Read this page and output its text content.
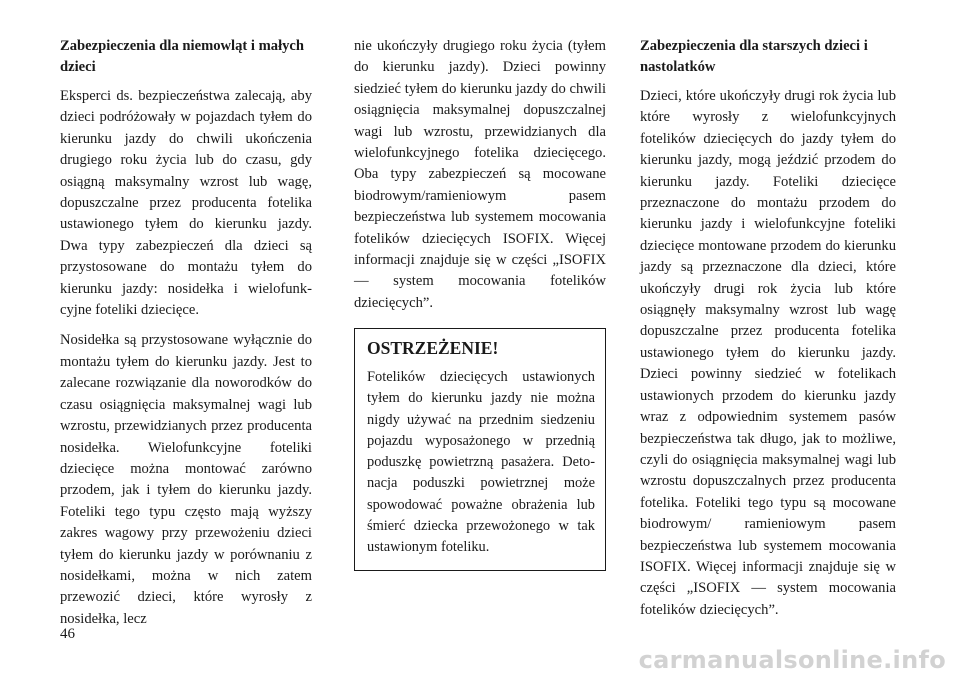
Zabezpieczenia dla niemowląt i małych dzieci

Eksperci ds. bezpieczeństwa zalecają, aby dzieci podróżowały w pojazdach tyłem do kierunku jazdy do chwili ukończenia drugiego roku życia lub do czasu, gdy osiągną maksymalny wzrost lub wagę, dopuszczalne przez producenta fotelika ustawionego tyłem do kierunku jazdy. Dwa typy zabezpieczeń dla dzieci są przystosowane do montażu tyłem do kierunku jazdy: nosidełka i wielofunkcyjne foteliki dziecięce.

Nosidełka są przystosowane wyłącznie do montażu tyłem do kierunku jazdy. Jest to zalecane rozwiązanie dla noworodków do czasu osiągnięcia maksymalnej wagi lub wzrostu, przewidzianych przez producenta nosidełka. Wielofunkcyjne foteliki dziecięce można montować zarówno przodem, jak i tyłem do kierunku jazdy. Foteliki tego typu często mają wyższy zakres wagowy przy przewożeniu dzieci tyłem do kierunku jazdy w porównaniu z nosidełkami, można w nich zatem przewozić dzieci, które wyrosły z nosidełka, lecz

nie ukończyły drugiego roku życia (tyłem do kierunku jazdy). Dzieci powinny siedzieć tyłem do kierunku jazdy do chwili osiągnięcia maksymalnej dopuszczalnej wagi lub wzrostu, przewidzianych dla wielofunkcyjnego fotelika dziecięcego. Oba typy zabezpieczeń są mocowane biodrowym/ramieniowym pasem bezpieczeństwa lub systemem mocowania fotelików dziecięcych ISOFIX. Więcej informacji znajduje się w części „ISOFIX — system mocowania fotelików dziecięcych”.

OSTRZEŻENIE!

Fotelików dziecięcych ustawionych tyłem do kierunku jazdy nie można nigdy używać na przednim siedzeniu pojazdu wyposażonego w przednią poduszkę powietrzną pasażera. Detonacja poduszki powietrznej może spowodować poważne obrażenia lub śmierć dziecka przewożonego w tak ustawionym foteliku.

Zabezpieczenia dla starszych dzieci i nastolatków

Dzieci, które ukończyły drugi rok życia lub które wyrosły z wielofunkcyjnych fotelików dziecięcych do jazdy tyłem do kierunku jazdy, mogą jeździć przodem do kierunku jazdy. Foteliki dziecięce przeznaczone do montażu przodem do kierunku jazdy i wielofunkcyjne foteliki dziecięce montowane przodem do kierunku jazdy są przeznaczone dla dzieci, które ukończyły drugi rok życia lub które osiągnęły maksymalny wzrost lub wagę dopuszczalne przez producenta fotelika ustawionego tyłem do kierunku jazdy. Dzieci powinny siedzieć w fotelikach ustawionych przodem do kierunku jazdy wraz z odpowiednim systemem pasów bezpieczeństwa tak długo, jak to możliwe, czyli do osiągnięcia maksymalnej wagi lub wzrostu dopuszczalnych przez producenta fotelika. Foteliki tego typu są mocowane biodrowym/ ramieniowym pasem bezpieczeństwa lub systemem mocowania ISOFIX. Więcej informacji znajduje się w części „ISOFIX — system mocowania fotelików dziecięcych”.

46
carmanualsonline.info
